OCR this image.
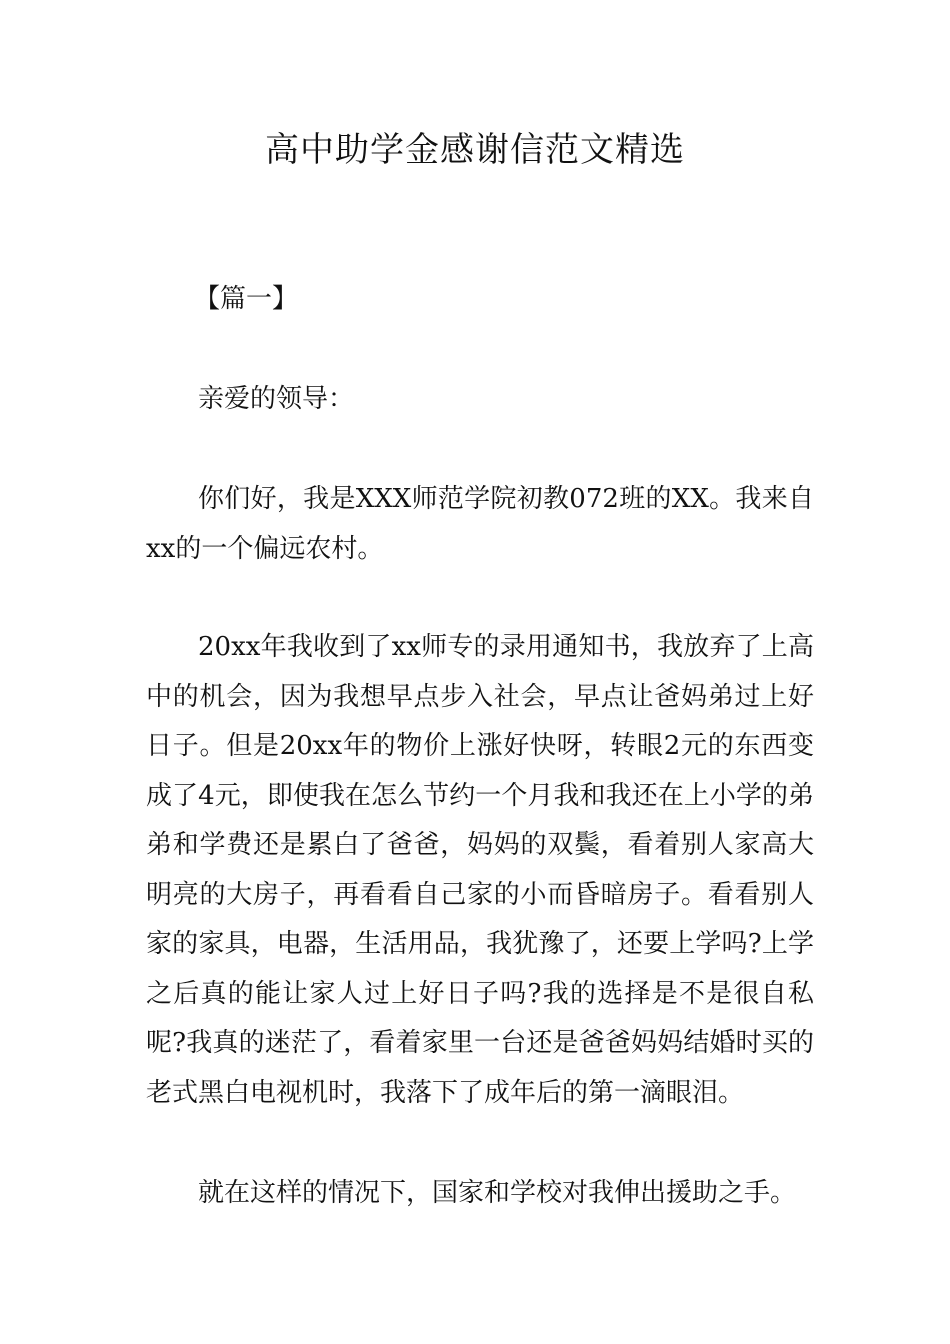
高中助学金感谢信范文精选
【篇一】
亲爱的领导：
你们好，我是XXX师范学院初教072班的XX。我来自xx的一个偏远农村。
20xx年我收到了xx师专的录用通知书，我放弃了上高中的机会，因为我想早点步入社会，早点让爸妈弟过上好日子。但是20xx年的物价上涨好快呀，转眼2元的东西变成了4元，即使我在怎么节约一个月我和我还在上小学的弟弟和学费还是累白了爸爸，妈妈的双鬓，看着别人家高大明亮的大房子，再看看自己家的小而昏暗房子。看看别人家的家具，电器，生活用品，我犹豫了，还要上学吗?上学之后真的能让家人过上好日子吗?我的选择是不是很自私呢?我真的迷茫了，看着家里一台还是爸爸妈妈结婚时买的老式黑白电视机时，我落下了成年后的第一滴眼泪。
就在这样的情况下，国家和学校对我伸出援助之手。
